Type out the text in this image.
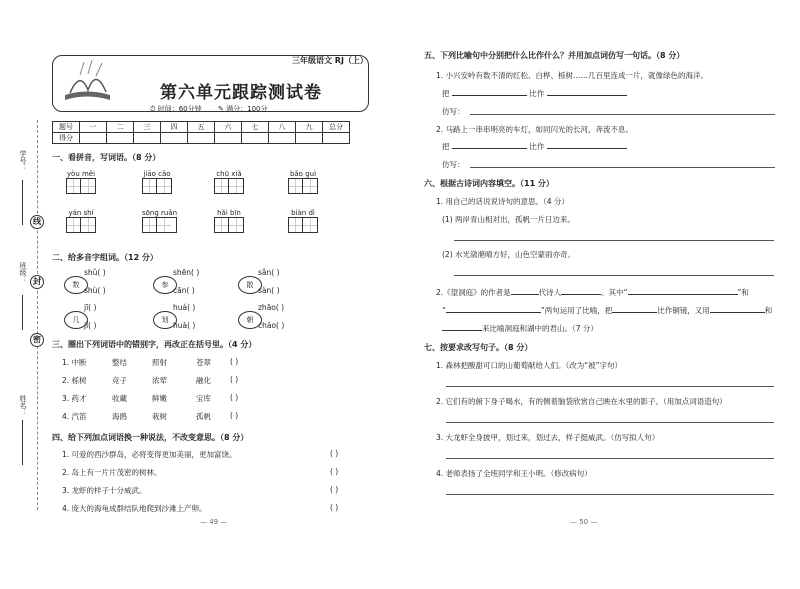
学号：
线
班级： 封
密
姓名：
三年级语文 RJ（上）
第六单元跟踪测试卷
⏱ 时间：60分钟 ✎ 满分：100分
题号	一	二	三	四	五	六	七	八	九	总分
得分										
一、看拼音，写词语。（8 分）
yòu měi	jiāo cǎo	chū xiǎ	bǎo guì
yán shí	sōng ruǎn	hǎi bīn	biàn dì
二、给多音字组词。（12 分）
数
shǔ( )
shù( )
参
shēn( )
cān( )
散
sǎn( )
sàn( )
几
jī( )
jǐ( )
划
huá( )
huà( )
朝
zhāo( )
cháo( )
三、圈出下列词语中的错别字，再改正在括号里。（4 分）
1. 中断	整结	照射	苍翠	( )
2. 栎树	竞子	浓荤	融化	( )
3. 药才	收藏	鲜嫩	宝库	( )
4. 汽笛	海鸥	栽树	孤帆	( )
四、给下列加点词语换一种说法，不改变意思。（8 分）
1. 可爱的西沙群岛，必将变得更加美丽，更加富饶。	( )
2. 岛上有一片片茂密的树林。	( )
3. 龙虾的样子十分威武。	( )
4. 庞大的海龟成群结队地爬到沙滩上产卵。	( )
— 49 —
五、下列比喻句中分别把什么比作什么？并用加点词仿写一句话。（8 分）
1. 小兴安岭有数不清的红松、白桦、栎树……几百里连成一片，就像绿色的海洋。
把	比作
仿写：
2. 马路上一串串明亮的车灯，如同闪光的长河，奔流不息。
把	比作
仿写：
六、根据古诗词内容填空。（11 分）
1. 用自己的话说说诗句的意思。（4 分）
(1) 两岸青山相对出，孤帆一片日边来。
(2) 水光潋滟晴方好，山色空蒙雨亦奇。
2.《望洞庭》的作者是	代诗人	。其中“	”和
“	”两句运用了比喻，把	比作铜镜，又用	和
来比喻洞庭和湖中的君山。（7 分）
七、按要求改写句子。（8 分）
1. 森林把酸甜可口的山葡萄献给人们。（改为“被”字句）
2. 它们有的俯下身子喝水，有的侧着脑袋欣赏自己映在水里的影子。（用加点词语造句）
3. 大龙虾全身披甲，划过来，划过去，样子挺威武。（仿写拟人句）
4. 老师表扬了全班同学和王小明。（修改病句）
— 50 —
